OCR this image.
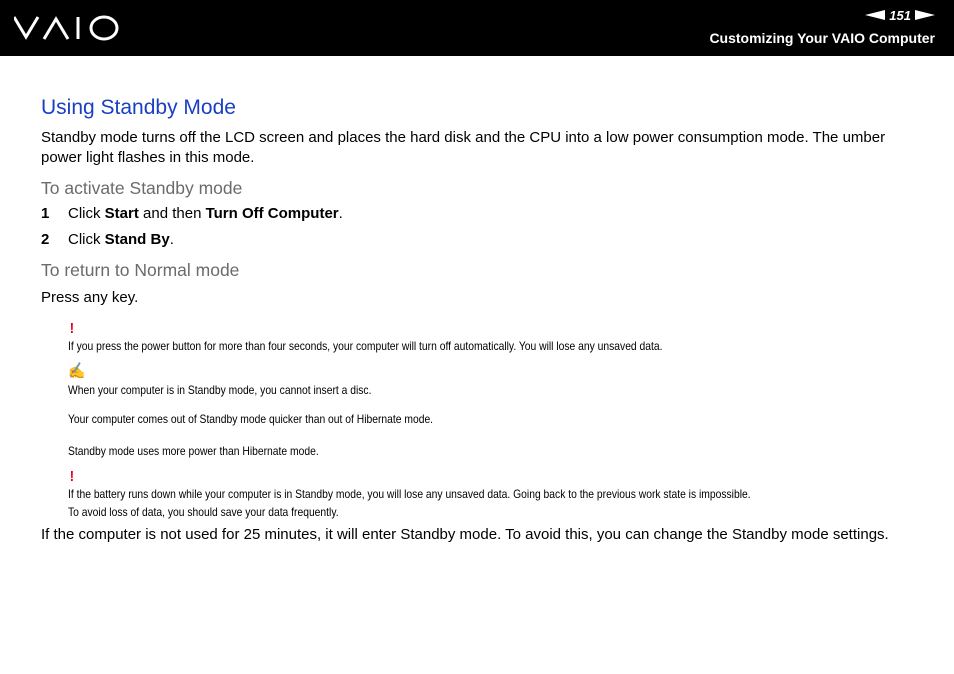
151
Customizing Your VAIO Computer
Using Standby Mode

Standby mode turns off the LCD screen and places the hard disk and the CPU into a low power consumption mode. The umber power light flashes in this mode.

To activate Standby mode
1	Click Start and then Turn Off Computer.
2	Click Stand By.
To return to Normal mode

Press any key.

!
If you press the power button for more than four seconds, your computer will turn off automatically. You will lose any unsaved data.
✍
When your computer is in Standby mode, you cannot insert a disc.
Your computer comes out of Standby mode quicker than out of Hibernate mode.
Standby mode uses more power than Hibernate mode.
!
If the battery runs down while your computer is in Standby mode, you will lose any unsaved data. Going back to the previous work state is impossible.
To avoid loss of data, you should save your data frequently.

If the computer is not used for 25 minutes, it will enter Standby mode. To avoid this, you can change the Standby mode settings.
